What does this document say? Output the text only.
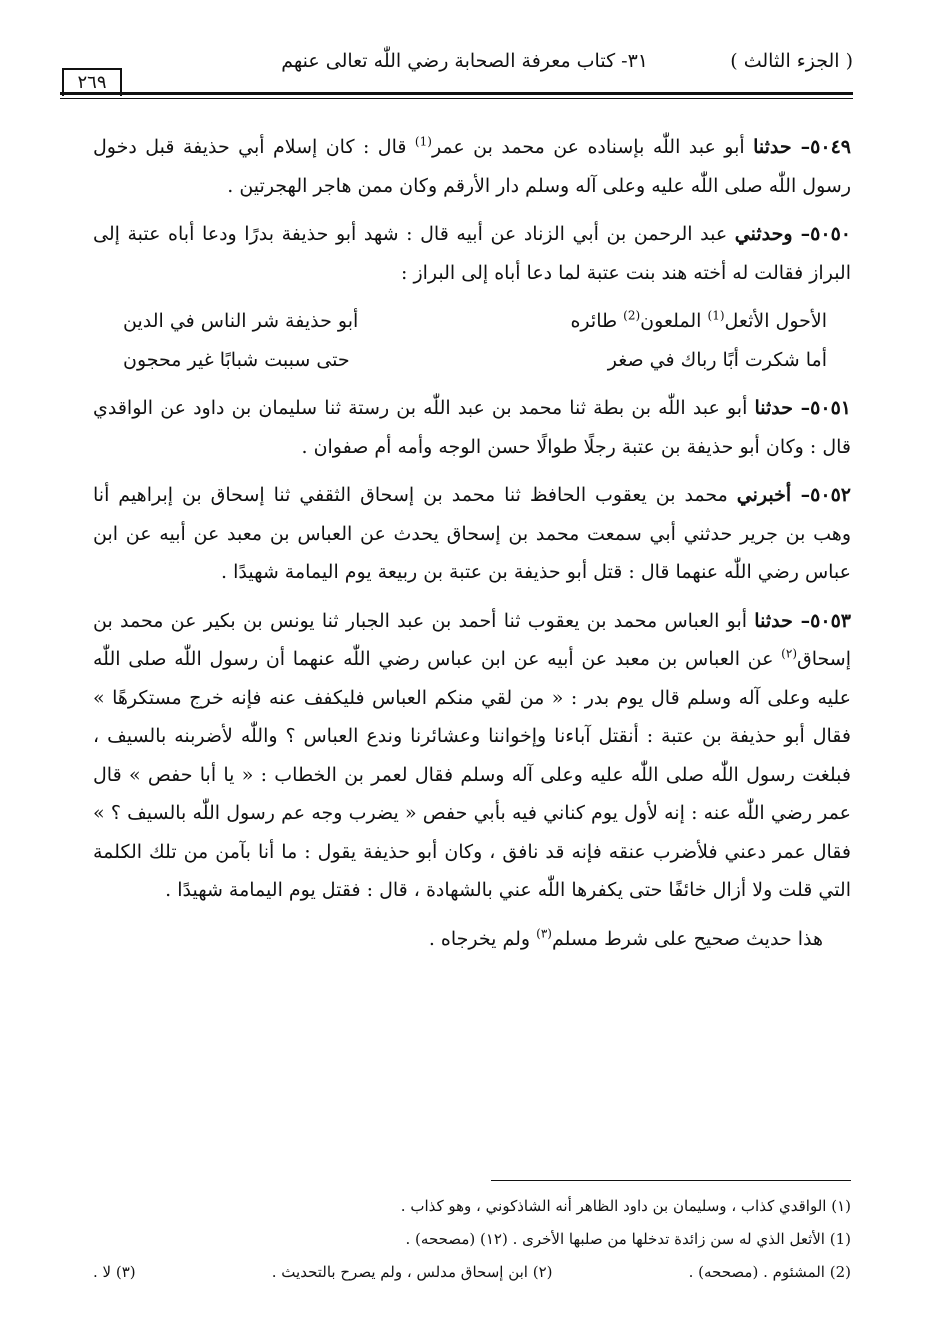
( الجزء الثالث )
٣١- كتاب معرفة الصحابة رضي اللّٰه تعالى عنهم
٢٦٩

٥٠٤٩– حدثنا أبو عبد اللّٰه بإسناده عن محمد بن عمر$^{(1)}$ قال : كان إسلام أبي حذيفة قبل دخول رسول اللّٰه صلى اللّٰه عليه وعلى آله وسلم دار الأرقم وكان ممن هاجر الهجرتين .

٥٠٥٠– وحدثني عبد الرحمن بن أبي الزناد عن أبيه قال : شهد أبو حذيفة بدرًا ودعا أباه عتبة إلى البراز فقالت له أخته هند بنت عتبة لما دعا أباه إلى البراز :

الأحول الأثعل$^{(1)}$ الملعون$^{(2)}$ طائره
أبو حذيفة شر الناس في الدين
أما شكرت أبًا رباك في صغر
حتى سببت شبابًا غير محجون

٥٠٥١– حدثنا أبو عبد اللّٰه بن بطة ثنا محمد بن عبد اللّٰه بن رستة ثنا سليمان بن داود عن الواقدي قال : وكان أبو حذيفة بن عتبة رجلًا طوالًا حسن الوجه وأمه أم صفوان .

٥٠٥٢– أخبرني محمد بن يعقوب الحافظ ثنا محمد بن إسحاق الثقفي ثنا إسحاق بن إبراهيم أنا وهب بن جرير حدثني أبي سمعت محمد بن إسحاق يحدث عن العباس بن معبد عن أبيه عن ابن عباس رضي اللّٰه عنهما قال : قتل أبو حذيفة بن عتبة بن ربيعة يوم اليمامة شهيدًا .

٥٠٥٣– حدثنا أبو العباس محمد بن يعقوب ثنا أحمد بن عبد الجبار ثنا يونس بن بكير عن محمد بن إسحاق$^{(٢)}$ عن العباس بن معبد عن أبيه عن ابن عباس رضي اللّٰه عنهما أن رسول اللّٰه صلى اللّٰه عليه وعلى آله وسلم قال يوم بدر : « من لقي منكم العباس فليكفف عنه فإنه خرج مستكرهًا » فقال أبو حذيفة بن عتبة : أنقتل آباءنا وإخواننا وعشائرنا وندع العباس ؟ واللّٰه لأضربنه بالسيف ، فبلغت رسول اللّٰه صلى اللّٰه عليه وعلى آله وسلم فقال لعمر بن الخطاب : « يا أبا حفص » قال عمر رضي اللّٰه عنه : إنه لأول يوم كناني فيه بأبي حفص « يضرب وجه عم رسول اللّٰه بالسيف ؟ » فقال عمر دعني فلأضرب عنقه فإنه قد نافق ، وكان أبو حذيفة يقول : ما أنا بآمن من تلك الكلمة التي قلت ولا أزال خائفًا حتى يكفرها اللّٰه عني بالشهادة ، قال : فقتل يوم اليمامة شهيدًا .

هذا حديث صحيح على شرط مسلم$^{(٣)}$ ولم يخرجاه .

(١) الواقدي كذاب ، وسليمان بن داود الظاهر أنه الشاذكوني ، وهو كذاب .

(1) الأثعل الذي له سن زائدة تدخلها من صلبها الأخرى . (١٢) (مصححه) .

(2) المشئوم . (مصححه) .
(٢) ابن إسحاق مدلس ، ولم يصرح بالتحديث .
(٣) لا .
